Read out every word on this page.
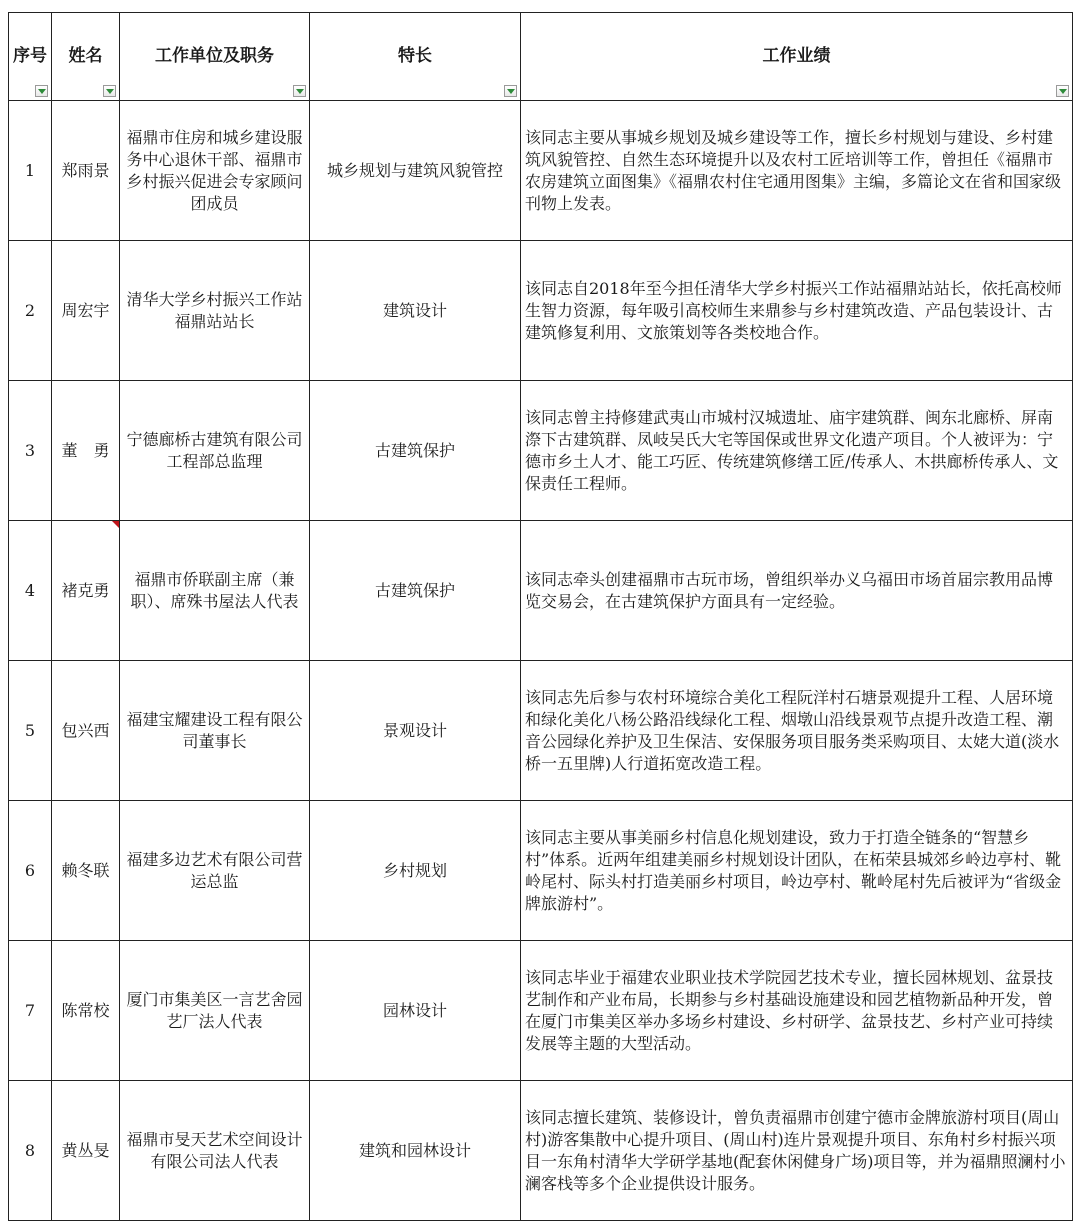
序号	姓名	工作单位及职务	特长	工作业绩

1	郑雨景	福鼎市住房和城乡建设服务中心退休干部、福鼎市乡村振兴促进会专家顾问团成员	城乡规划与建筑风貌管控	该同志主要从事城乡规划及城乡建设等工作，擅长乡村规划与建设、乡村建筑风貌管控、自然生态环境提升以及农村工匠培训等工作，曾担任《福鼎市农房建筑立面图集》《福鼎农村住宅通用图集》主编，多篇论文在省和国家级刊物上发表。
2	周宏宇	清华大学乡村振兴工作站福鼎站站长	建筑设计	该同志自2018年至今担任清华大学乡村振兴工作站福鼎站站长，依托高校师生智力资源，每年吸引高校师生来鼎参与乡村建筑改造、产品包装设计、古建筑修复利用、文旅策划等各类校地合作。
3	董　勇	宁德廊桥古建筑有限公司工程部总监理	古建筑保护	该同志曾主持修建武夷山市城村汉城遗址、庙宇建筑群、闽东北廊桥、屏南漈下古建筑群、凤岐吴氏大宅等国保或世界文化遗产项目。个人被评为：宁德市乡土人才、能工巧匠、传统建筑修缮工匠/传承人、木拱廊桥传承人、文保责任工程师。
4	褚克勇	福鼎市侨联副主席（兼职）、席殊书屋法人代表	古建筑保护	该同志牵头创建福鼎市古玩市场，曾组织举办义乌福田市场首届宗教用品博览交易会，在古建筑保护方面具有一定经验。
5	包兴西	福建宝耀建设工程有限公司董事长	景观设计	该同志先后参与农村环境综合美化工程阮洋村石塘景观提升工程、人居环境和绿化美化八杨公路沿线绿化工程、烟墩山沿线景观节点提升改造工程、潮音公园绿化养护及卫生保洁、安保服务项目服务类采购项目、太姥大道(淡水桥一五里牌)人行道拓宽改造工程。
6	赖冬联	福建多边艺术有限公司营运总监	乡村规划	该同志主要从事美丽乡村信息化规划建设，致力于打造全链条的“智慧乡村”体系。近两年组建美丽乡村规划设计团队，在柘荣县城郊乡岭边亭村、靴岭尾村、际头村打造美丽乡村项目，岭边亭村、靴岭尾村先后被评为“省级金牌旅游村”。
7	陈常校	厦门市集美区一言艺舍园艺厂法人代表	园林设计	该同志毕业于福建农业职业技术学院园艺技术专业，擅长园林规划、盆景技艺制作和产业布局，长期参与乡村基础设施建设和园艺植物新品种开发，曾在厦门市集美区举办多场乡村建设、乡村研学、盆景技艺、乡村产业可持续发展等主题的大型活动。
8	黄丛旻	福鼎市旻天艺术空间设计有限公司法人代表	建筑和园林设计	该同志擅长建筑、装修设计，曾负责福鼎市创建宁德市金牌旅游村项目(周山村)游客集散中心提升项目、(周山村)连片景观提升项目、东角村乡村振兴项目一东角村清华大学研学基地(配套休闲健身广场)项目等，并为福鼎照澜村小澜客栈等多个企业提供设计服务。
